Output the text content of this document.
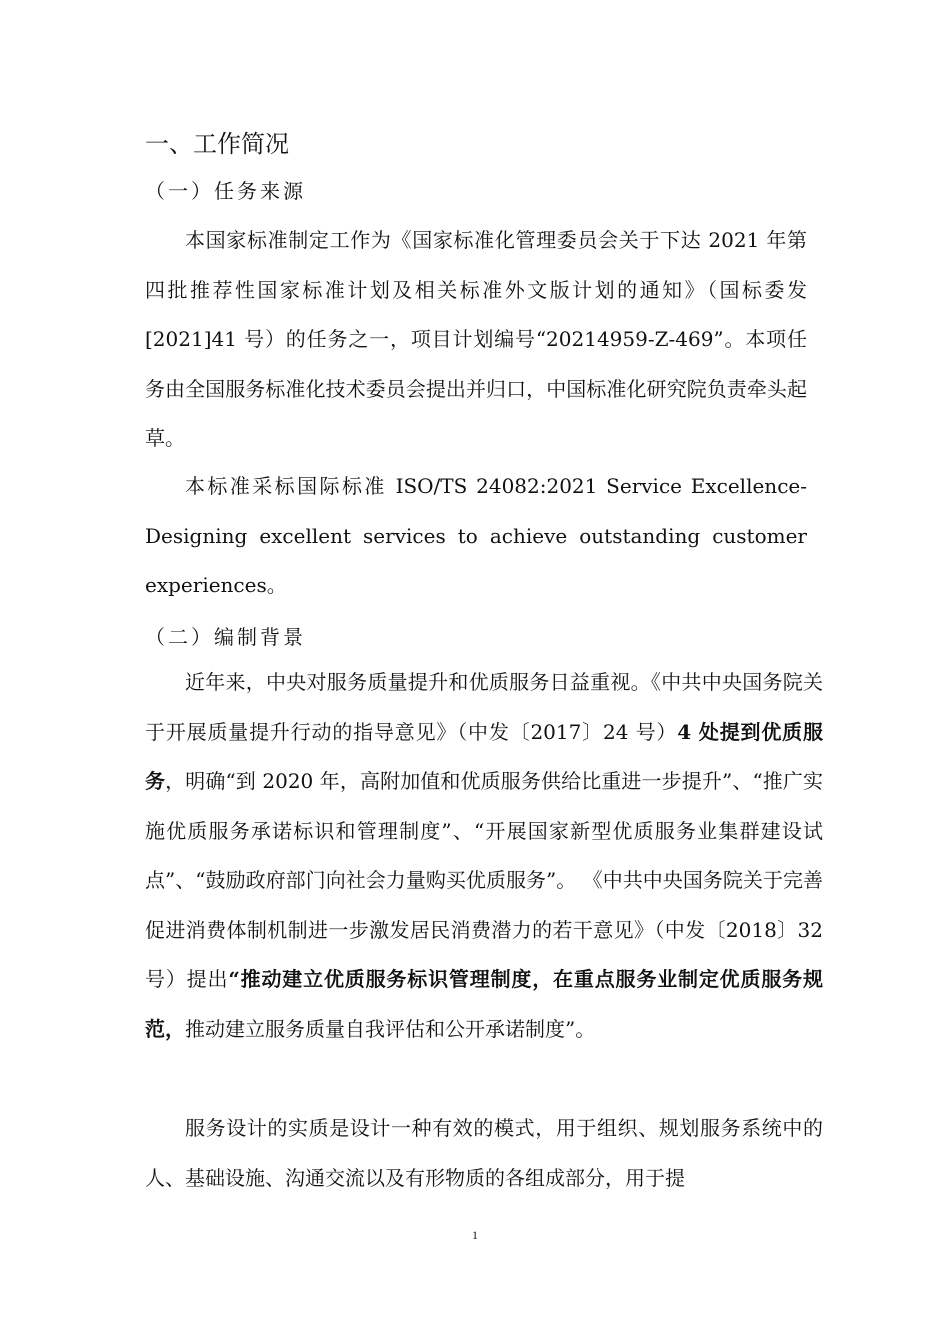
一、工作简况
（一）任务来源

本国家标准制定工作为《国家标准化管理委员会关于下达 2021 年第四批推荐性国家标准计划及相关标准外文版计划的通知》（国标委发[2021]41 号）的任务之一，项目计划编号“20214959-Z-469”。本项任务由全国服务标准化技术委员会提出并归口，中国标准化研究院负责牵头起草。

本标准采标国际标准 ISO/TS 24082:2021 Service Excellence-Designing excellent services to achieve outstanding customer experiences。

（二）编制背景

近年来，中央对服务质量提升和优质服务日益重视。《中共中央国务院关于开展质量提升行动的指导意见》（中发〔2017〕24 号）4 处提到优质服务，明确“到 2020 年，高附加值和优质服务供给比重进一步提升”、“推广实施优质服务承诺标识和管理制度”、“开展国家新型优质服务业集群建设试点”、“鼓励政府部门向社会力量购买优质服务”。 《中共中央国务院关于完善促进消费体制机制进一步激发居民消费潜力的若干意见》（中发〔2018〕32 号）提出“推动建立优质服务标识管理制度，在重点服务业制定优质服务规范，推动建立服务质量自我评估和公开承诺制度”。

服务设计的实质是设计一种有效的模式，用于组织、规划服务系统中的人、基础设施、沟通交流以及有形物质的各组成部分，用于提

1
